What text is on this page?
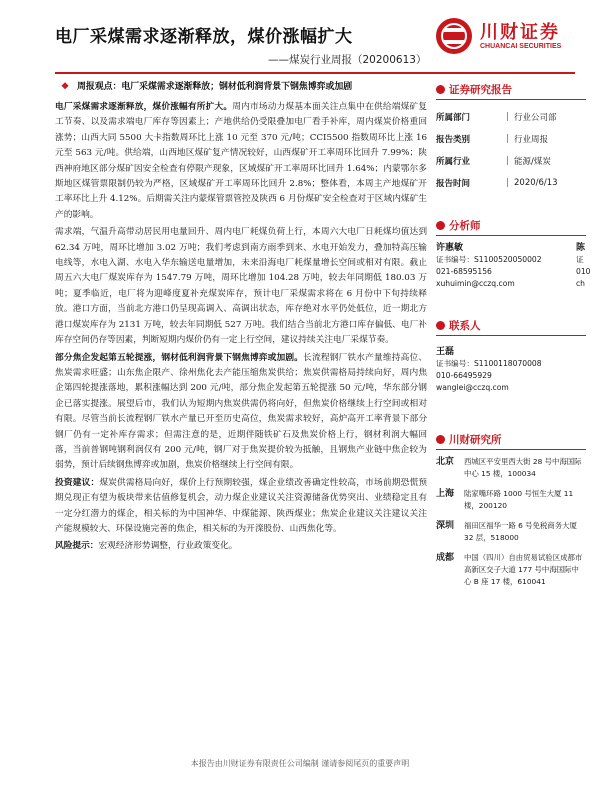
电厂采煤需求逐渐释放，煤价涨幅扩大
——煤炭行业周报（20200613）
川财证券
CHUANCAI SECURITIES
❖ 周报观点：电厂采煤需求逐渐释放；钢材低利润背景下钢焦博弈或加剧

电厂采煤需求逐渐释放，煤价涨幅有所扩大。周内市场动力煤基本面关注点集中在供给端煤矿复工节奏、以及需求端电厂库存等因素上；产地供给仍受限叠加电厂看手补库，周内煤炭价格重回涨势；山西大同 5500 大卡指数周环比上涨 10 元至 370 元/吨；CCI5500 指数周环比上涨 16 元至 563 元/吨。供给端，山西地区煤矿复产情况较好，山西煤矿开工率周环比回升 7.99%；陕西神府地区部分煤矿因安全检查有停限产现象，区域煤矿开工率周环比回升 1.64%；内蒙鄂尔多斯地区煤管票限制仍较为严格，区域煤矿开工率周环比回升 2.8%；整体看，本周主产地煤矿开工率环比上升 4.12%。后期需关注内蒙煤管票管控及陕西 6 月份煤矿安全检查对于区域内煤矿生产的影响。

需求端，气温升高带动居民用电量回升、周内电厂耗煤负荷上行，本周六大电厂日耗煤均值达到 62.34 万吨，周环比增加 3.02 万吨；我们考虑到南方雨季到来、水电开始发力，叠加特高压输电线等，水电入湖、水电入华东输送电量增加，未来沿海电厂耗煤量增长空间或相对有限。截止周五六大电厂煤炭库存为 1547.79 万吨，周环比增加 104.28 万吨，较去年同期低 180.03 万吨；夏季临近，电厂将为迎峰度夏补充煤炭库存，预计电厂采煤需求将在 6 月份中下旬持续释放。港口方面，当前北方港口仍呈现高调入、高调出状态，库存绝对水平仍处低位，近一期北方港口煤炭库存为 2131 万吨，较去年同期低 527 万吨。我们结合当前北方港口库存偏低、电厂补库存空间仍存等因素，判断短期内煤价仍有一定上行空间，建议持续关注电厂采煤节奏。

部分焦企发起第五轮提涨，钢材低利润背景下钢焦博弈或加剧。长流程钢厂铁水产量维持高位、焦炭需求旺盛；山东焦企限产、徐州焦化去产能压缩焦炭供给；焦炭供需格局持续向好，周内焦企第四轮提涨落地，累积涨幅达到 200 元/吨，部分焦企发起第五轮提涨 50 元/吨，华东部分钢企已落实提涨。展望后市，我们认为短期内焦炭供需仍将向好，但焦炭价格继续上行空间或相对有限。尽管当前长流程钢厂铁水产量已开至历史高位，焦炭需求较好，高炉高开工率背景下部分钢厂仍有一定补库存需求；但需注意的是，近期伴随铁矿石及焦炭价格上行，钢材利润大幅回落，当前普钢吨钢利润仅有 200 元/吨，钢厂对于焦炭提价较为抵触，且钢焦产业链中焦企较为弱势，预计后续钢焦博弈或加剧，焦炭价格继续上行空间有限。

投资建议：煤炭供需格局向好，煤价上行预期较强，煤企业绩改善确定性较高，市场前期恐慌预期兑现正有望为板块带来估值修复机会，动力煤企业建议关注资源储备优势突出、业绩稳定且有一定分红潜力的煤企，相关标的为中国神华、中煤能源、陕西煤业；焦炭企业建议关注建议关注产能规模较大、环保设施完善的焦企，相关标的为开滦股份、山西焦化等。

风险提示：宏观经济形势调整，行业政策变化。

证券研究报告
所属部门	| 行业公司部
报告类别	| 行业周报
所属行业	| 能源/煤炭
报告时间	| 2020/6/13
分析师
许惠敏
证书编号：S1100520050002
021-68595156
xuhuimin@cczq.com
陈
证
010
ch
联系人
王磊
证书编号：S1100118070008
010-66495929
wanglei@cczq.com
川财研究所
北京	西城区平安里西大街 28 号中海国际中心 15 楼，100034
上海	陆家嘴环路 1000 号恒生大厦 11 楼，200120
深圳	福田区福华一路 6 号免税商务大厦 32 层，518000
成都	中国（四川）自由贸易试验区成都市高新区交子大道 177 号中海国际中心 B 座 17 楼，610041
本报告由川财证券有限责任公司编制 谨请参阅尾页的重要声明
